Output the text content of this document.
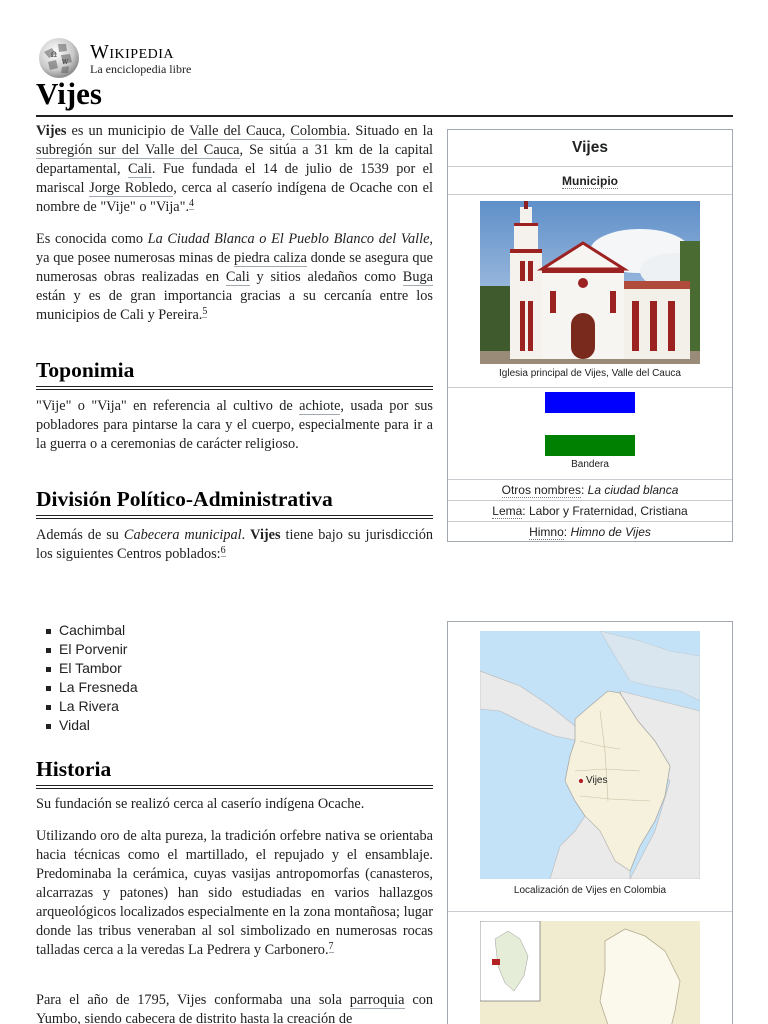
Ω
W Wikipedia
La enciclopedia libre
Vijes

Vijes es un municipio de Valle del Cauca, Colombia. Situado en la subregión sur del Valle del Cauca, Se sitúa a 31 km de la capital departamental, Cali. Fue fundada el 14 de julio de 1539 por el mariscal Jorge Robledo, cerca al caserío indígena de Ocache con el nombre de "Vije" o "Vija".$^4$

Es conocida como La Ciudad Blanca o El Pueblo Blanco del Valle, ya que posee numerosas minas de piedra caliza donde se asegura que numerosas obras realizadas en Cali y sitios aledaños como Buga están y es de gran importancia gracias a su cercanía entre los municipios de Cali y Pereira.$^5$

Toponimia

"Vije" o "Vija" en referencia al cultivo de achiote, usada por sus pobladores para pintarse la cara y el cuerpo, especialmente para ir a la guerra o a ceremonias de carácter religioso.

División Político-Administrativa

Además de su Cabecera municipal. Vijes tiene bajo su jurisdicción los siguientes Centros poblados:$^6$

Cachimbal
El Porvenir
El Tambor
La Fresneda
La Rivera
Vidal
Historia

Su fundación se realizó cerca al caserío indígena Ocache.

Utilizando oro de alta pureza, la tradición orfebre nativa se orientaba hacia técnicas como el martillado, el repujado y el ensamblaje. Predominaba la cerámica, cuyas vasijas antropomorfas (canasteros, alcarrazas y patones) han sido estudiadas en varios hallazgos arqueológicos localizados especialmente en la zona montañosa; lugar donde las tribus veneraban al sol simbolizado en numerosas rocas talladas cerca a la veredas La Pedrera y Carbonero.$^7$

Para el año de 1795, Vijes conformaba una sola parroquia con Yumbo, siendo cabecera de distrito hasta la creación de

Vijes
Municipio
Iglesia principal de Vijes, Valle del Cauca
Bandera
Otros nombres: La ciudad blanca
Lema: Labor y Fraternidad, Cristiana
Himno: Himno de Vijes
Vijes
Localización de Vijes en Colombia
